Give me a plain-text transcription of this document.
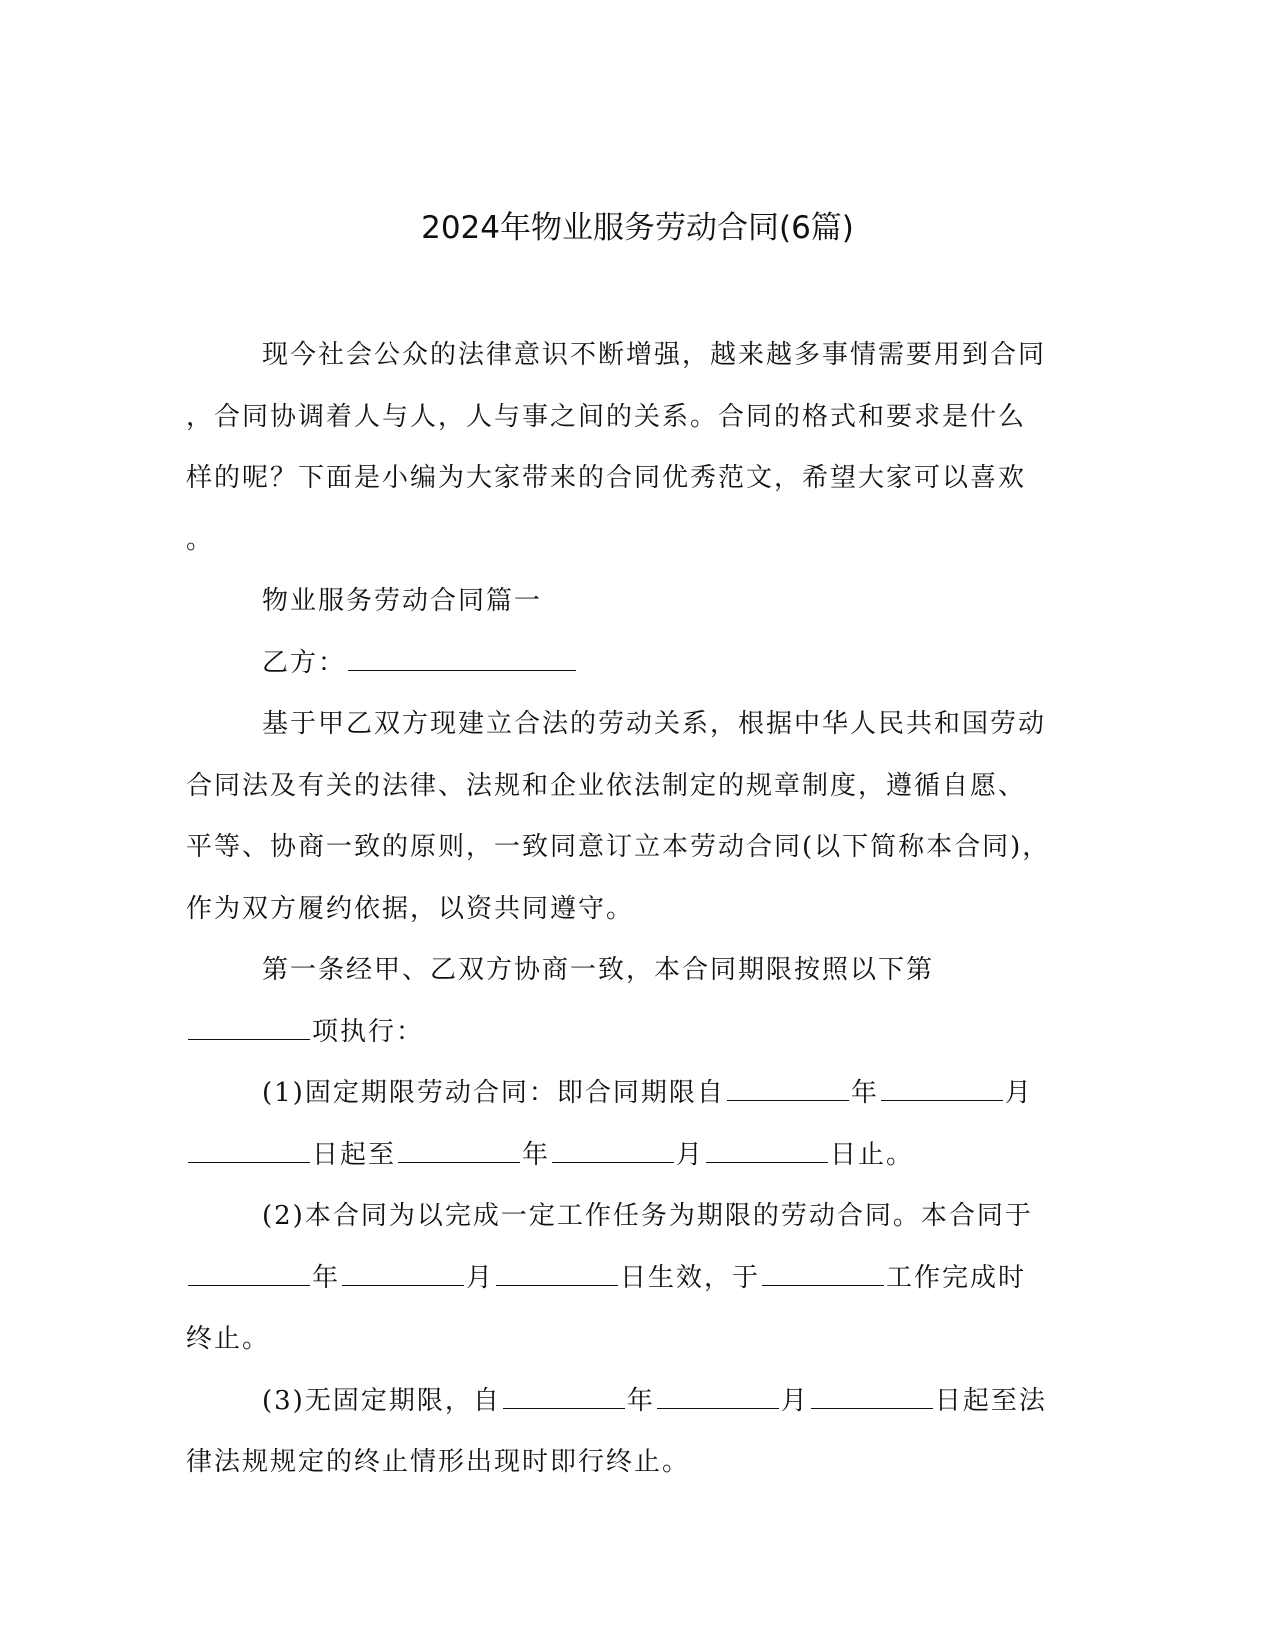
2024年物业服务劳动合同(6篇)
现今社会公众的法律意识不断增强，越来越多事情需要用到合同
，合同协调着人与人，人与事之间的关系。合同的格式和要求是什么
样的呢？下面是小编为大家带来的合同优秀范文，希望大家可以喜欢
。
物业服务劳动合同篇一
乙方：
基于甲乙双方现建立合法的劳动关系，根据中华人民共和国劳动
合同法及有关的法律、法规和企业依法制定的规章制度，遵循自愿、
平等、协商一致的原则，一致同意订立本劳动合同(以下简称本合同)，
作为双方履约依据，以资共同遵守。
第一条经甲、乙双方协商一致，本合同期限按照以下第
项执行：
(1)固定期限劳动合同：即合同期限自	年	月
日起至	年	月	日止。
(2)本合同为以完成一定工作任务为期限的劳动合同。本合同于
年	月	日生效，于	工作完成时
终止。
(3)无固定期限，自	年	月	日起至法
律法规规定的终止情形出现时即行终止。
